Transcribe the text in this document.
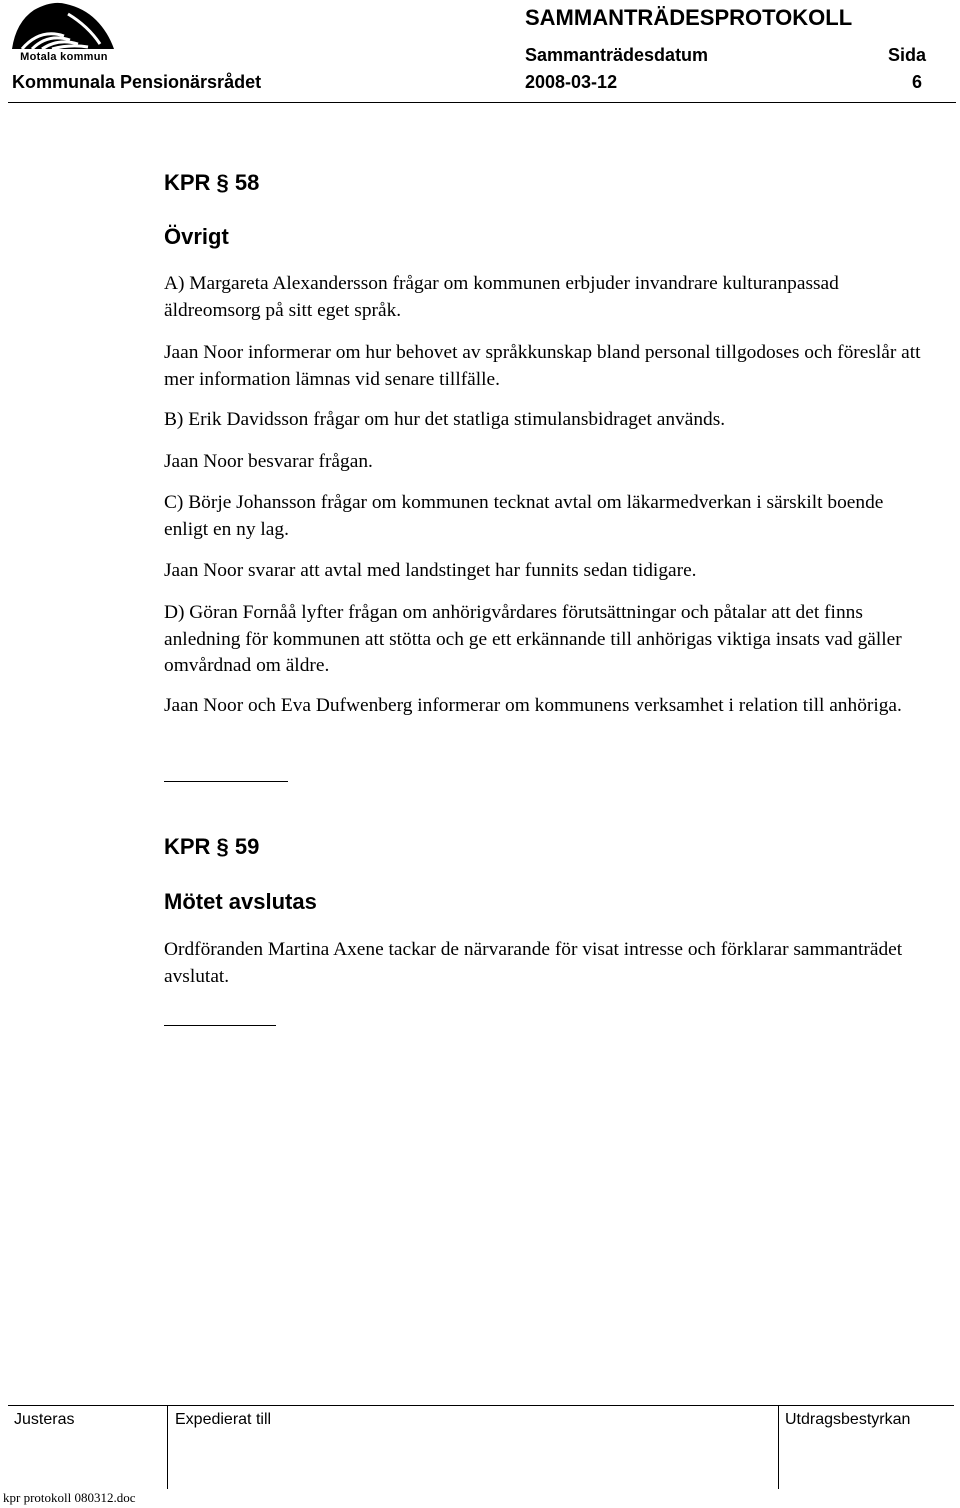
Motala kommun
SAMMANTRÄDESPROTOKOLL
Sammanträdesdatum	Sida
Kommunala Pensionärsrådet	2008-03-12	6
KPR § 58
Övrigt
A) Margareta Alexandersson frågar om kommunen erbjuder invandrare kulturanpassad äldreomsorg på sitt eget språk.
Jaan Noor informerar om hur behovet av språkkunskap bland personal tillgodoses och föreslår att mer information lämnas vid senare tillfälle.
B) Erik Davidsson frågar om hur det statliga stimulansbidraget används.
Jaan Noor besvarar frågan.
C) Börje Johansson frågar om kommunen tecknat avtal om läkarmedverkan i särskilt boende enligt en ny lag.
Jaan Noor svarar att avtal med landstinget har funnits sedan tidigare.
D) Göran Fornåå lyfter frågan om anhörigvårdares förutsättningar och påtalar att det finns anledning för kommunen att stötta och ge ett erkännande till anhörigas viktiga insats vad gäller omvårdnad om äldre.
Jaan Noor och Eva Dufwenberg informerar om kommunens verksamhet i relation till anhöriga.
KPR § 59
Mötet avslutas
Ordföranden Martina Axene tackar de närvarande för visat intresse och förklarar sammanträdet avslutat.
Justeras	Expedierat till	Utdragsbestyrkan
kpr protokoll 080312.doc
